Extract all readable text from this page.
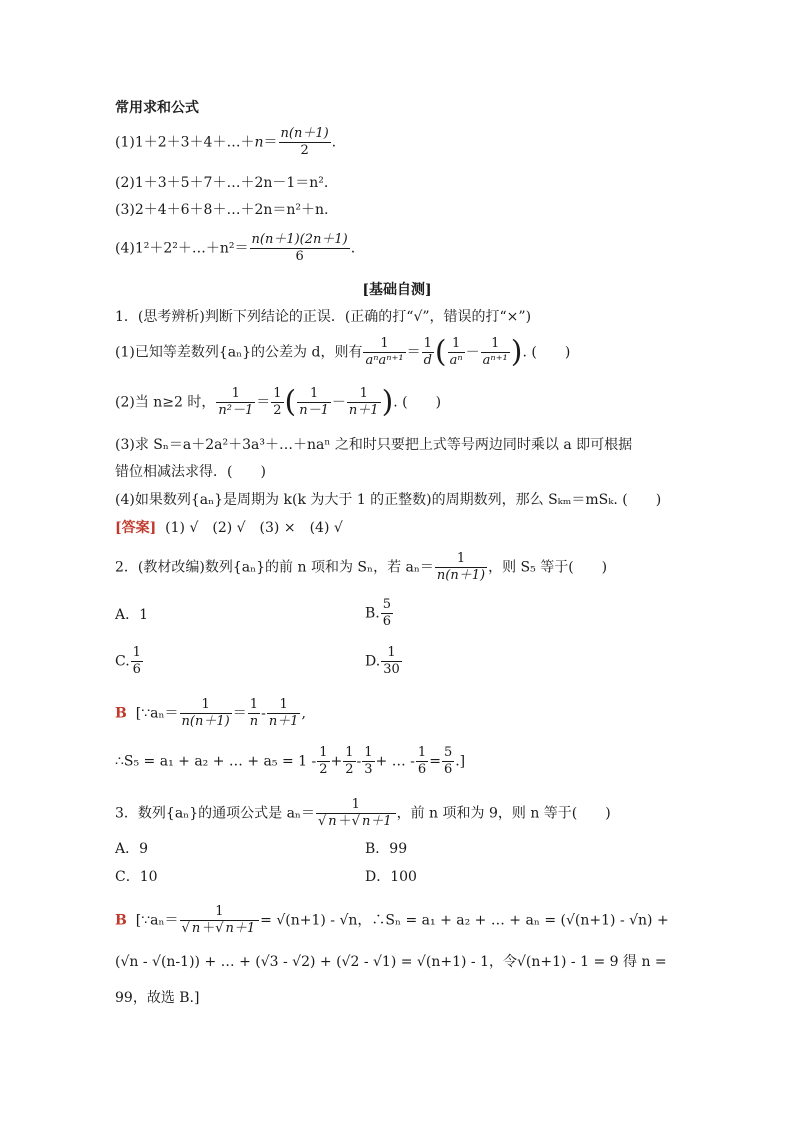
常用求和公式
(1)1＋2＋3＋4＋…＋n＝ $\frac{n(n+1)}{2}$ .
(2)1＋3＋5＋7＋…＋2n－1＝n².
(3)2＋4＋6＋8＋…＋2n＝n²＋n.
(4)1²＋2²＋…＋n²＝ $\frac{n(n+1)(2n+1)}{6}$ .
[基础自测]
1．(思考辨析)判断下列结论的正误．(正确的打“√”，错误的打“×”)
(1)已知等差数列{aₙ}的公差为 d，则有 $\frac{1}{\text{aⁿaⁿ⁺¹}} = \frac{1}{d}$ ( $\frac{1}{\text{aⁿ}} - \frac{1}{\text{aⁿ⁺¹}}$ ). (　　)
(2)当 n≥2 时， $\frac{1}{\text{n²－1}} = \frac{1}{2}$ ( $\frac{1}{n-1} - \frac{1}{n+1}$ ). (　　)
(3)求 Sₙ＝a＋2a²＋3a³＋…＋naⁿ 之和时只要把上式等号两边同时乘以 a 即可根据
错位相减法求得．(　　)
(4)如果数列{aₙ}是周期为 k(k 为大于 1 的正整数)的周期数列，那么 Sₖₘ＝mSₖ. (　　)
[答案] (1) √　(2) √　(3) ×　(4) √
2．(教材改编)数列{aₙ}的前 n 项和为 Sₙ，若 $a_n= \frac{1}{n(n+1)}$ ，则 S₅ 等于(　　)
A．1	B. $\frac{5}{6}$
C. $\frac{1}{6}$	D. $\frac{1}{30}$
B [∵aₙ＝ $\frac{1}{n(n+1)} = \frac{1}{n} - \frac{1}{n+1}$ ,
∴S₅ = a₁ + a₂ + … + $a_5 = 1 - \frac{1}{2} + \frac{1}{2} - \frac{1}{3}$ + … - $\frac{1}{6} = \frac{5}{6}$ .]
3．数列{aₙ}的通项公式是 $a_n= \frac{1}{√ n +√ n+1}$ ，前 n 项和为 9，则 n 等于(　　)
A．9	B．99
C．10	D．100
B [∵aₙ＝ $\frac{1}{√ n +√ n+1} = √(n+1) - √n$，∴Sₙ = a₁ + a₂ + … + aₙ = (√(n+1) - √n) +
(√n - √(n-1)) + … + (√3 - √2) + (√2 - √1) = √(n+1) - 1，令√(n+1) - 1 = 9 得 n =
99，故选 B.]
